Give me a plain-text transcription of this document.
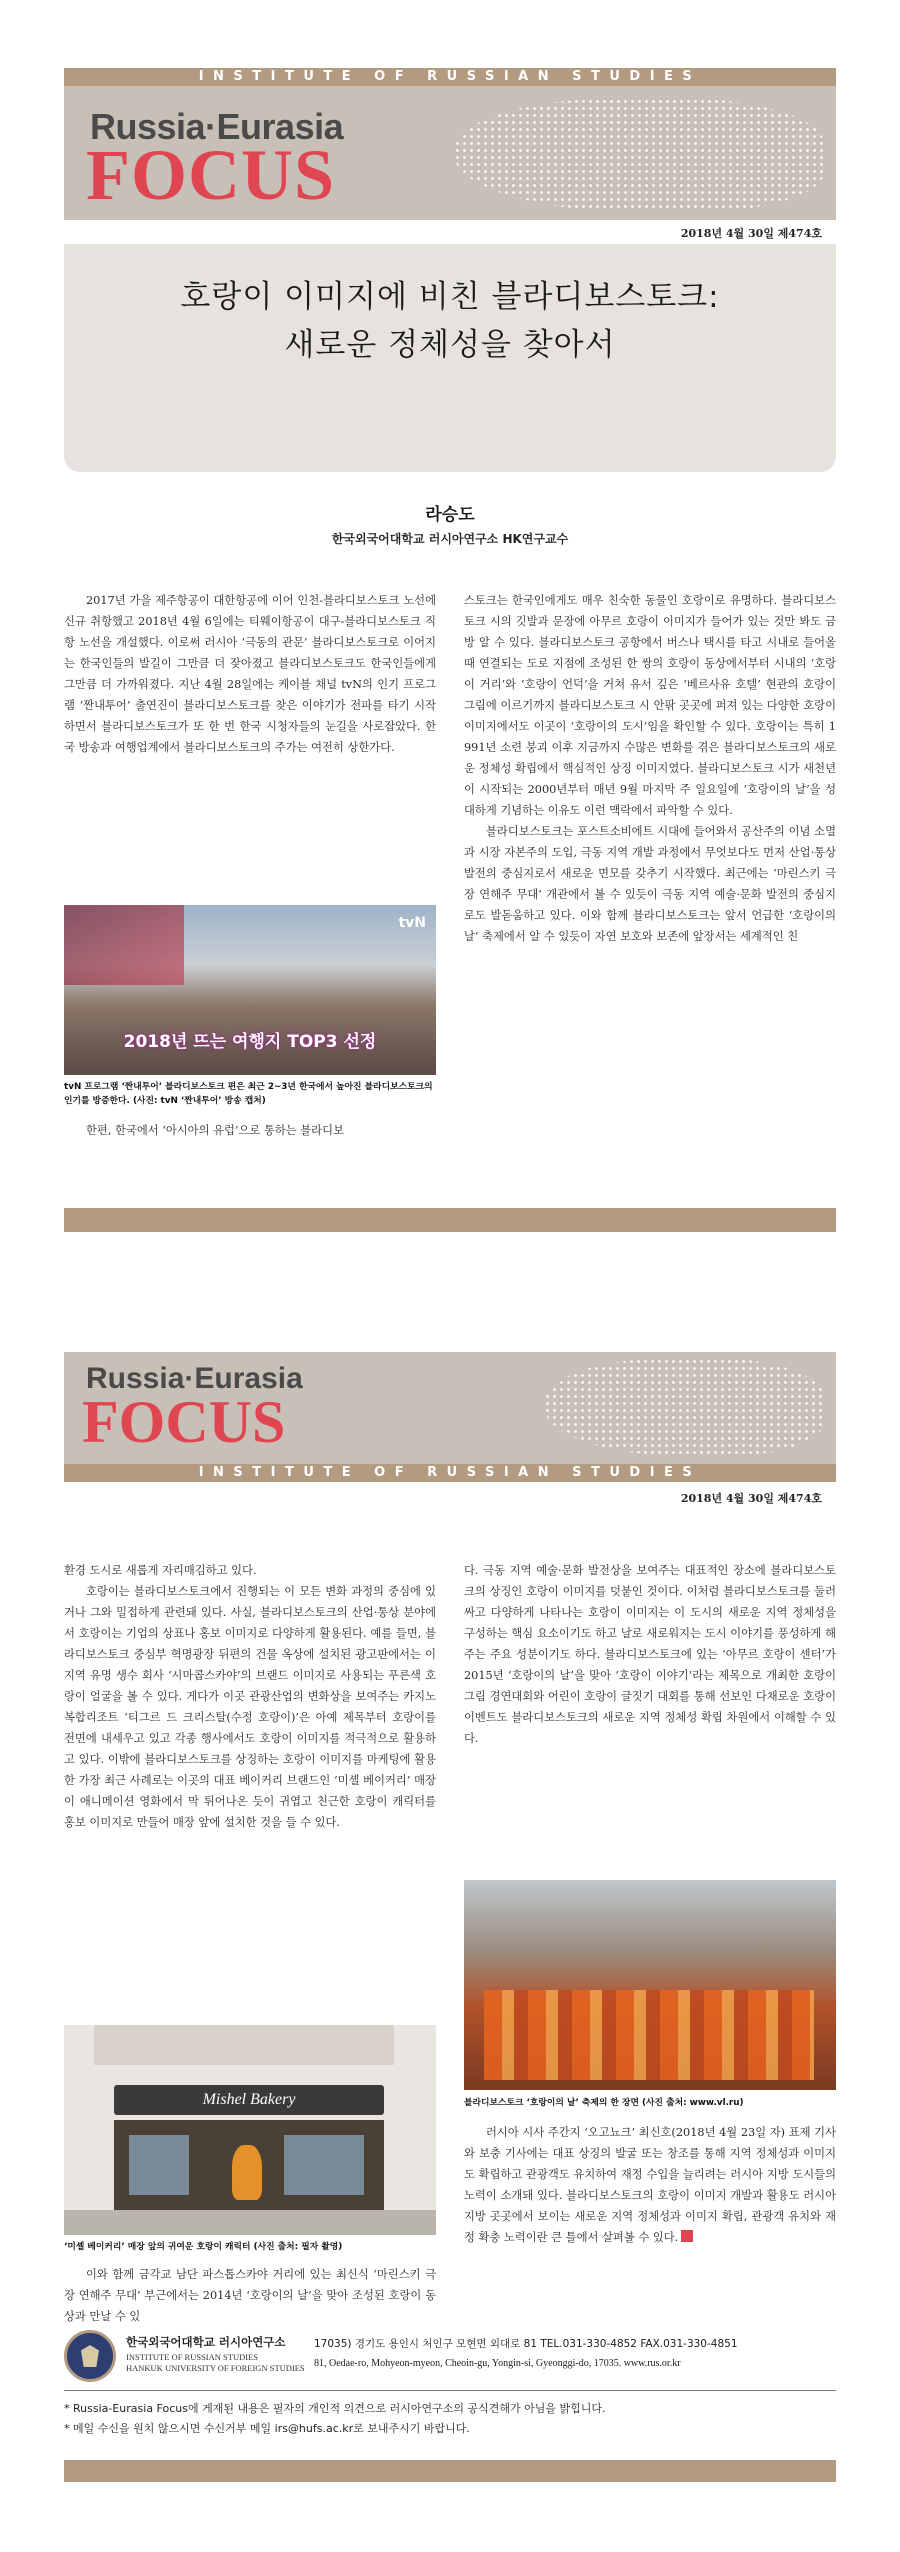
INSTITUTE OF RUSSIAN STUDIES
Russia·Eurasia
FOCUS
2018년 4월 30일 제474호
호랑이 이미지에 비친 블라디보스토크:
새로운 정체성을 찾아서
라승도
한국외국어대학교 러시아연구소 HK연구교수

2017년 가을 제주항공이 대한항공에 이어 인천-블라디보스토크 노선에 신규 취항했고 2018년 4월 6일에는 티웨이항공이 대구-블라디보스토크 직항 노선을 개설했다. 이로써 러시아 ‘극동의 관문’ 블라디보스토크로 이어지는 한국인들의 발길이 그만큼 더 잦아졌고 블라디보스토크도 한국인들에게 그만큼 더 가까워졌다. 지난 4월 28일에는 케이블 채널 tvN의 인기 프로그램 ‘짠내투어’ 출연진이 블라디보스토크를 찾은 이야기가 전파를 타기 시작하면서 블라디보스토크가 또 한 번 한국 시청자들의 눈길을 사로잡았다. 한국 방송과 여행업계에서 블라디보스토크의 주가는 여전히 상한가다.

tvN
2018년 뜨는 여행지 TOP3 선정
tvN 프로그램 ‘짠내투어’ 블라디보스토크 편은 최근 2~3년 한국에서 높아진 블라디보스토크의 인기를 방증한다. (사진: tvN ‘짠내투어’ 방송 캡처)

한편, 한국에서 ‘아시아의 유럽’으로 통하는 블라디보

스토크는 한국인에게도 매우 친숙한 동물인 호랑이로 유명하다. 블라디보스토크 시의 깃발과 문장에 아무르 호랑이 이미지가 들어가 있는 것만 봐도 금방 알 수 있다. 블라디보스토크 공항에서 버스나 택시를 타고 시내로 들어올 때 연결되는 도로 지점에 조성된 한 쌍의 호랑이 동상에서부터 시내의 ‘호랑이 거리’와 ‘호랑이 언덕’을 거쳐 유서 깊은 ‘베르사유 호텔’ 현관의 호랑이 그림에 이르기까지 블라디보스토크 시 안팎 곳곳에 퍼져 있는 다양한 호랑이 이미지에서도 이곳이 ‘호랑이의 도시’임을 확인할 수 있다. 호랑이는 특히 1991년 소련 붕괴 이후 지금까지 수많은 변화를 겪은 블라디보스토크의 새로운 정체성 확립에서 핵심적인 상징 이미지였다. 블라디보스토크 시가 새천년이 시작되는 2000년부터 매년 9월 마지막 주 일요일에 ‘호랑이의 날’을 성대하게 기념하는 이유도 이런 맥락에서 파악할 수 있다.

블라디보스토크는 포스트소비에트 시대에 들어와서 공산주의 이념 소멸과 시장 자본주의 도입, 극동 지역 개발 과정에서 무엇보다도 먼저 산업·통상 발전의 중심지로서 새로운 면모를 갖추기 시작했다. 최근에는 ‘마린스키 극장 연해주 무대’ 개관에서 볼 수 있듯이 극동 지역 예술·문화 발전의 중심지로도 발돋움하고 있다. 이와 함께 블라디보스토크는 앞서 언급한 ‘호랑이의 날’ 축제에서 알 수 있듯이 자연 보호와 보존에 앞장서는 세계적인 친

Russia·Eurasia
FOCUS
INSTITUTE OF RUSSIAN STUDIES
2018년 4월 30일 제474호

환경 도시로 새롭게 자리매김하고 있다.

호랑이는 블라디보스토크에서 진행되는 이 모든 변화 과정의 중심에 있거나 그와 밀접하게 관련돼 있다. 사실, 블라디보스토크의 산업·통상 분야에서 호랑이는 기업의 상표나 홍보 이미지로 다양하게 활용된다. 예를 들면, 블라디보스토크 중심부 혁명광장 뒤편의 건물 옥상에 설치된 광고판에서는 이 지역 유명 생수 회사 ‘시마콥스카야’의 브랜드 이미지로 사용되는 푸른색 호랑이 얼굴을 볼 수 있다. 게다가 이곳 관광산업의 변화상을 보여주는 카지노 복합리조트 ‘티그르 드 크리스탈(수정 호랑이)’은 아예 제목부터 호랑이를 전면에 내세우고 있고 각종 행사에서도 호랑이 이미지를 적극적으로 활용하고 있다. 이밖에 블라디보스토크를 상징하는 호랑이 이미지를 마케팅에 활용한 가장 최근 사례로는 이곳의 대표 베이커리 브랜드인 ‘미셸 베이커리’ 매장이 애니메이션 영화에서 막 튀어나온 듯이 귀엽고 친근한 호랑이 캐릭터를 홍보 이미지로 만들어 매장 앞에 설치한 것을 들 수 있다.

Mishel Bakery
‘미셸 베이커리’ 매장 앞의 귀여운 호랑이 캐릭터 (사진 출처: 필자 촬영)

이와 함께 금각교 남단 파스톱스카야 거리에 있는 최신식 ‘마린스키 극장 연해주 무대’ 부근에서는 2014년 ‘호랑이의 날’을 맞아 조성된 호랑이 동상과 만날 수 있

다. 극동 지역 예술·문화 발전상을 보여주는 대표적인 장소에 블라디보스토크의 상징인 호랑이 이미지를 덧붙인 것이다. 이처럼 블라디보스토크를 둘러싸고 다양하게 나타나는 호랑이 이미지는 이 도시의 새로운 지역 정체성을 구성하는 핵심 요소이기도 하고 날로 새로워지는 도시 이야기를 풍성하게 해주는 주요 성분이기도 하다. 블라디보스토크에 있는 ‘아무르 호랑이 센터’가 2015년 ‘호랑이의 날’을 맞아 ‘호랑이 이야기’라는 제목으로 개최한 호랑이 그림 경연대회와 어린이 호랑이 글짓기 대회를 통해 선보인 다채로운 호랑이 이벤트도 블라디보스토크의 새로운 지역 정체성 확립 차원에서 이해할 수 있다.

블라디보스토크 ‘호랑이의 날’ 축제의 한 장면 (사진 출처: www.vl.ru)

러시아 시사 주간지 ‘오고뇨크’ 최신호(2018년 4월 23일 자) 표제 기사와 보충 기사에는 대표 상징의 발굴 또는 창조를 통해 지역 정체성과 이미지도 확립하고 관광객도 유치하여 재정 수입을 늘리려는 러시아 지방 도시들의 노력이 소개돼 있다. 블라디보스토크의 호랑이 이미지 개발과 활용도 러시아 지방 곳곳에서 보이는 새로운 지역 정체성과 이미지 확립, 관광객 유치와 재정 확충 노력이란 큰 틀에서 살펴볼 수 있다.

한국외국어대학교 러시아연구소
INSTITUTE OF RUSSIAN STUDIES
HANKUK UNIVERSITY OF FOREIGN STUDIES
17035) 경기도 용인시 처인구 모현면 외대로 81 TEL.031-330-4852 FAX.031-330-4851
81, Oedae-ro, Mohyeon-myeon, Cheoin-gu, Yongin-si, Gyeonggi-do, 17035. www.rus.or.kr
* Russia-Eurasia Focus에 게재된 내용은 필자의 개인적 의견으로 러시아연구소의 공식견해가 아님을 밝힙니다.
* 메일 수신을 원치 않으시면 수신거부 메일 irs@hufs.ac.kr로 보내주시기 바랍니다.
